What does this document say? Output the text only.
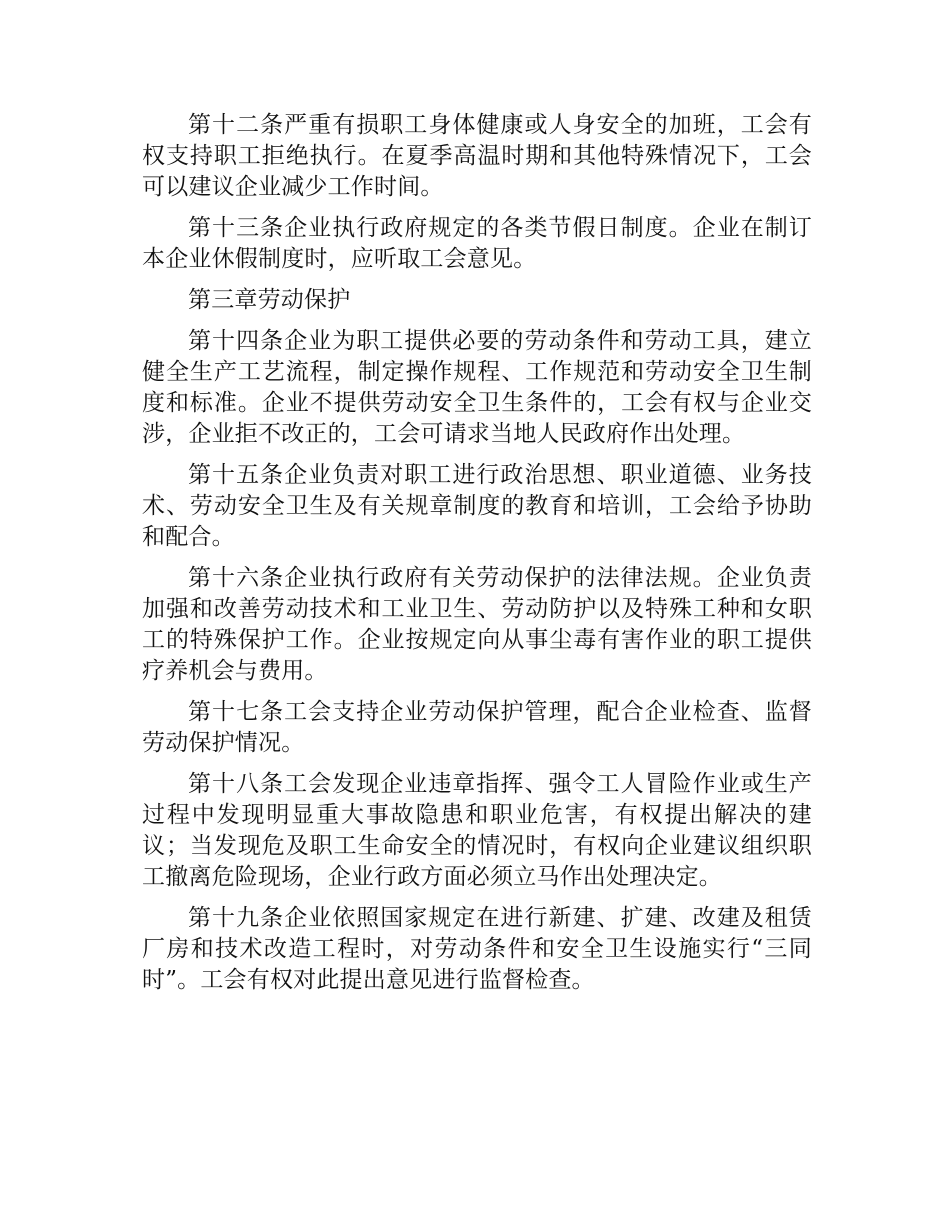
第十二条严重有损职工身体健康或人身安全的加班，工会有权支持职工拒绝执行。在夏季高温时期和其他特殊情况下，工会可以建议企业减少工作时间。

第十三条企业执行政府规定的各类节假日制度。企业在制订本企业休假制度时，应听取工会意见。

第三章劳动保护

第十四条企业为职工提供必要的劳动条件和劳动工具，建立健全生产工艺流程，制定操作规程、工作规范和劳动安全卫生制度和标准。企业不提供劳动安全卫生条件的，工会有权与企业交涉，企业拒不改正的，工会可请求当地人民政府作出处理。

第十五条企业负责对职工进行政治思想、职业道德、业务技术、劳动安全卫生及有关规章制度的教育和培训，工会给予协助和配合。

第十六条企业执行政府有关劳动保护的法律法规。企业负责加强和改善劳动技术和工业卫生、劳动防护以及特殊工种和女职工的特殊保护工作。企业按规定向从事尘毒有害作业的职工提供疗养机会与费用。

第十七条工会支持企业劳动保护管理，配合企业检查、监督劳动保护情况。

第十八条工会发现企业违章指挥、强令工人冒险作业或生产过程中发现明显重大事故隐患和职业危害，有权提出解决的建议；当发现危及职工生命安全的情况时，有权向企业建议组织职工撤离危险现场，企业行政方面必须立马作出处理决定。

第十九条企业依照国家规定在进行新建、扩建、改建及租赁厂房和技术改造工程时，对劳动条件和安全卫生设施实行“三同时”。工会有权对此提出意见进行监督检查。
